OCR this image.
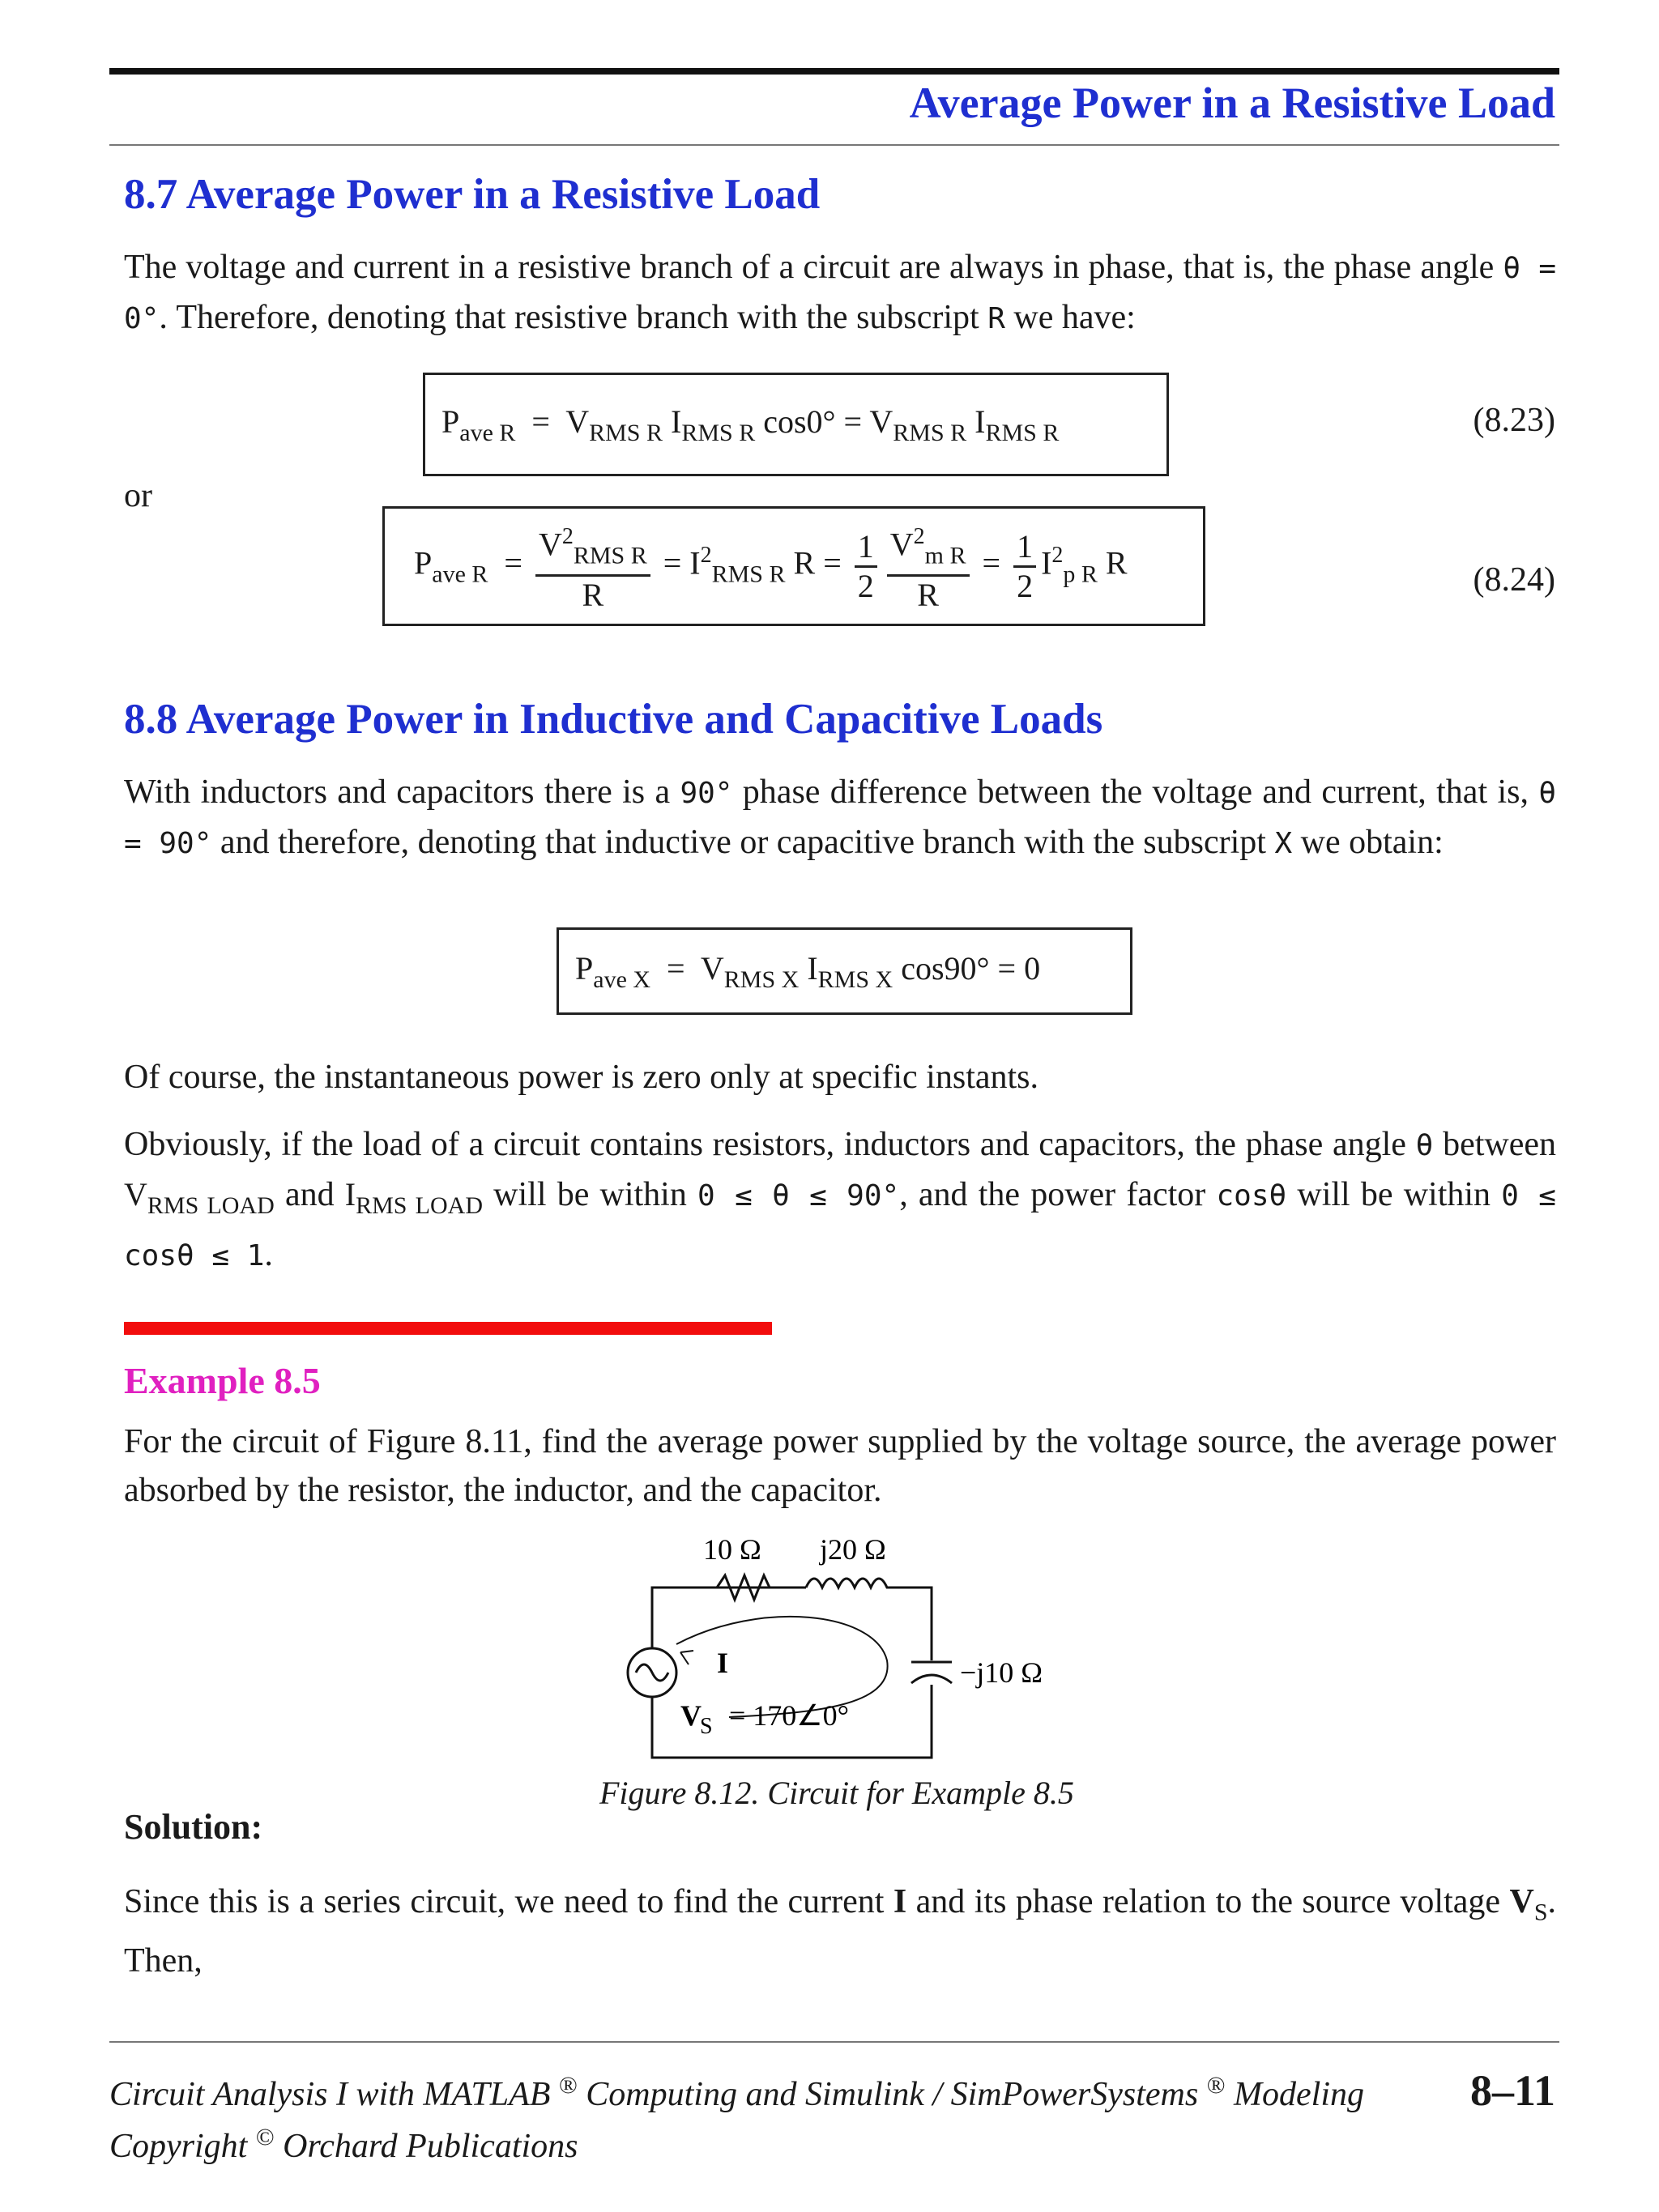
Average Power in a Resistive Load
8.7 Average Power in a Resistive Load

The voltage and current in a resistive branch of a circuit are always in phase, that is, the phase angle θ = 0°. Therefore, denoting that resistive branch with the subscript R we have:

$P_{ave R} = V_{RMS R}$ $I_{RMS R}$ $\cos 0^\circ = V_{RMS R}$ $I_{RMS R}$	(8.23)
or
$P_{ave R} = \frac{V^2_{RMS R}}{R} = I^2_{RMS R}$ $R = \frac{1}{2} \frac{V^2_{m R}}{R} = \frac{1}{2} I^2_{p R}$ R	(8.24)
8.8 Average Power in Inductive and Capacitive Loads

With inductors and capacitors there is a 90° phase difference between the voltage and current, that is, θ = 90° and therefore, denoting that inductive or capacitive branch with the subscript X we obtain:

$P_{ave X} = V_{RMS X}$ $I_{RMS X}$ cos90° = 0

Of course, the instantaneous power is zero only at specific instants.

Obviously, if the load of a circuit contains resistors, inductors and capacitors, the phase angle θ between $V_{RMS LOAD}$ and $I_{RMS LOAD}$ will be within 0 ≤ θ ≤ 90°, and the power factor cosθ will be within 0 ≤ cosθ ≤ 1.

Example 8.5

For the circuit of Figure 8.11, find the average power supplied by the voltage source, the average power absorbed by the resistor, the inductor, and the capacitor.

10 Ω j20 Ω
−j10 Ω
I
V
S = 170∠0°
Figure 8.12. Circuit for Example 8.5
Solution:

Since this is a series circuit, we need to find the current I and its phase relation to the source voltage $V_S$. Then,

Circuit Analysis I with MATLAB ® Computing and Simulink / SimPowerSystems ® Modeling
Copyright © Orchard Publications
8–11
